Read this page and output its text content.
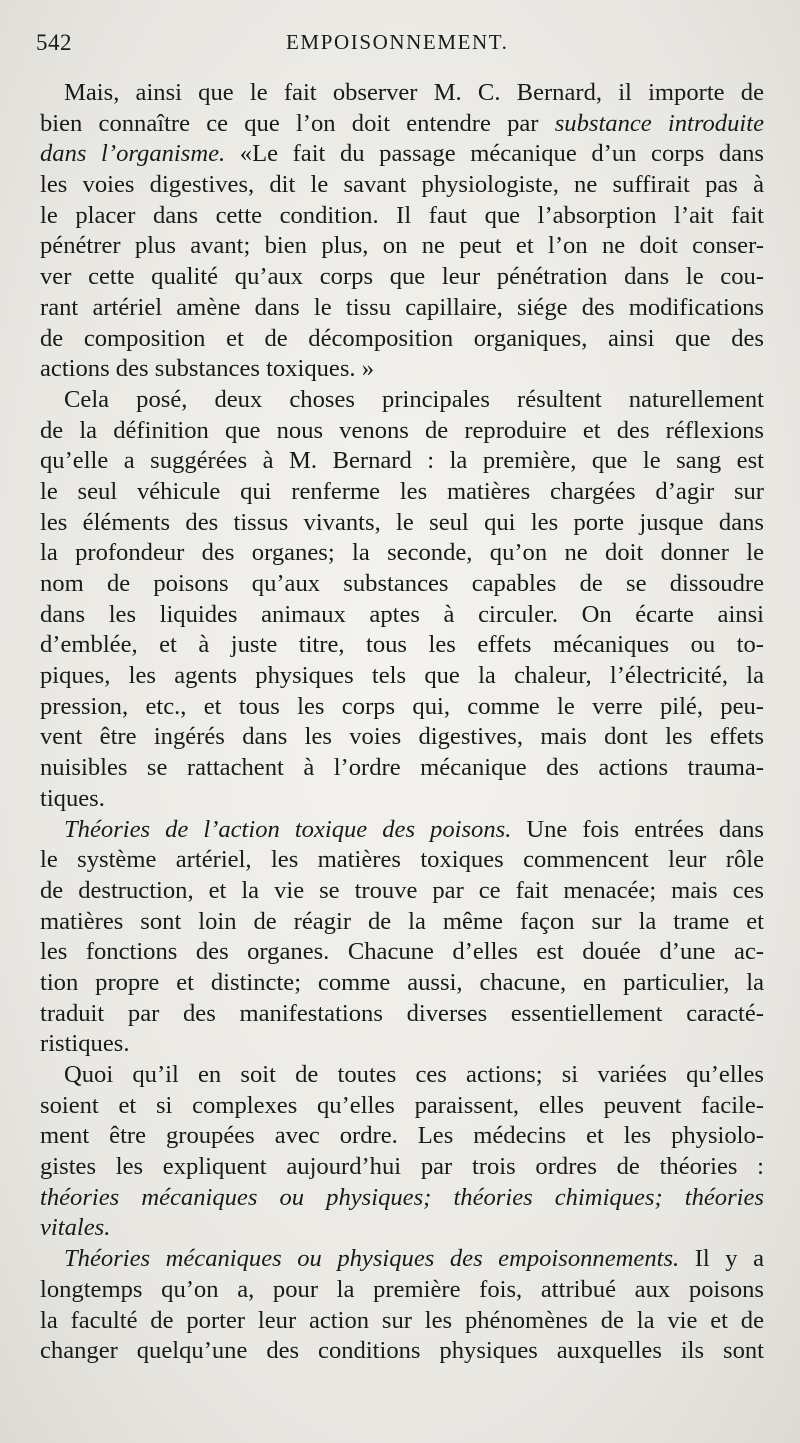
542	EMPOISONNEMENT.
Mais, ainsi que le fait observer M. C. Bernard, il importe de
bien connaître ce que l’on doit entendre par substance introduite
dans l’organisme. «Le fait du passage mécanique d’un corps dans
les voies digestives, dit le savant physiologiste, ne suffirait pas à
le placer dans cette condition. Il faut que l’absorption l’ait fait
pénétrer plus avant; bien plus, on ne peut et l’on ne doit conser-
ver cette qualité qu’aux corps que leur pénétration dans le cou-
rant artériel amène dans le tissu capillaire, siége des modifications
de composition et de décomposition organiques, ainsi que des
actions des substances toxiques. »
Cela posé, deux choses principales résultent naturellement
de la définition que nous venons de reproduire et des réflexions
qu’elle a suggérées à M. Bernard : la première, que le sang est
le seul véhicule qui renferme les matières chargées d’agir sur
les éléments des tissus vivants, le seul qui les porte jusque dans
la profondeur des organes; la seconde, qu’on ne doit donner le
nom de poisons qu’aux substances capables de se dissoudre
dans les liquides animaux aptes à circuler. On écarte ainsi
d’emblée, et à juste titre, tous les effets mécaniques ou to-
piques, les agents physiques tels que la chaleur, l’électricité, la
pression, etc., et tous les corps qui, comme le verre pilé, peu-
vent être ingérés dans les voies digestives, mais dont les effets
nuisibles se rattachent à l’ordre mécanique des actions trauma-
tiques.
Théories de l’action toxique des poisons. Une fois entrées dans
le système artériel, les matières toxiques commencent leur rôle
de destruction, et la vie se trouve par ce fait menacée; mais ces
matières sont loin de réagir de la même façon sur la trame et
les fonctions des organes. Chacune d’elles est douée d’une ac-
tion propre et distincte; comme aussi, chacune, en particulier, la
traduit par des manifestations diverses essentiellement caracté-
ristiques.
Quoi qu’il en soit de toutes ces actions; si variées qu’elles
soient et si complexes qu’elles paraissent, elles peuvent facile-
ment être groupées avec ordre. Les médecins et les physiolo-
gistes les expliquent aujourd’hui par trois ordres de théories :
théories mécaniques ou physiques; théories chimiques; théories
vitales.
Théories mécaniques ou physiques des empoisonnements. Il y a
longtemps qu’on a, pour la première fois, attribué aux poisons
la faculté de porter leur action sur les phénomènes de la vie et de
changer quelqu’une des conditions physiques auxquelles ils sont
